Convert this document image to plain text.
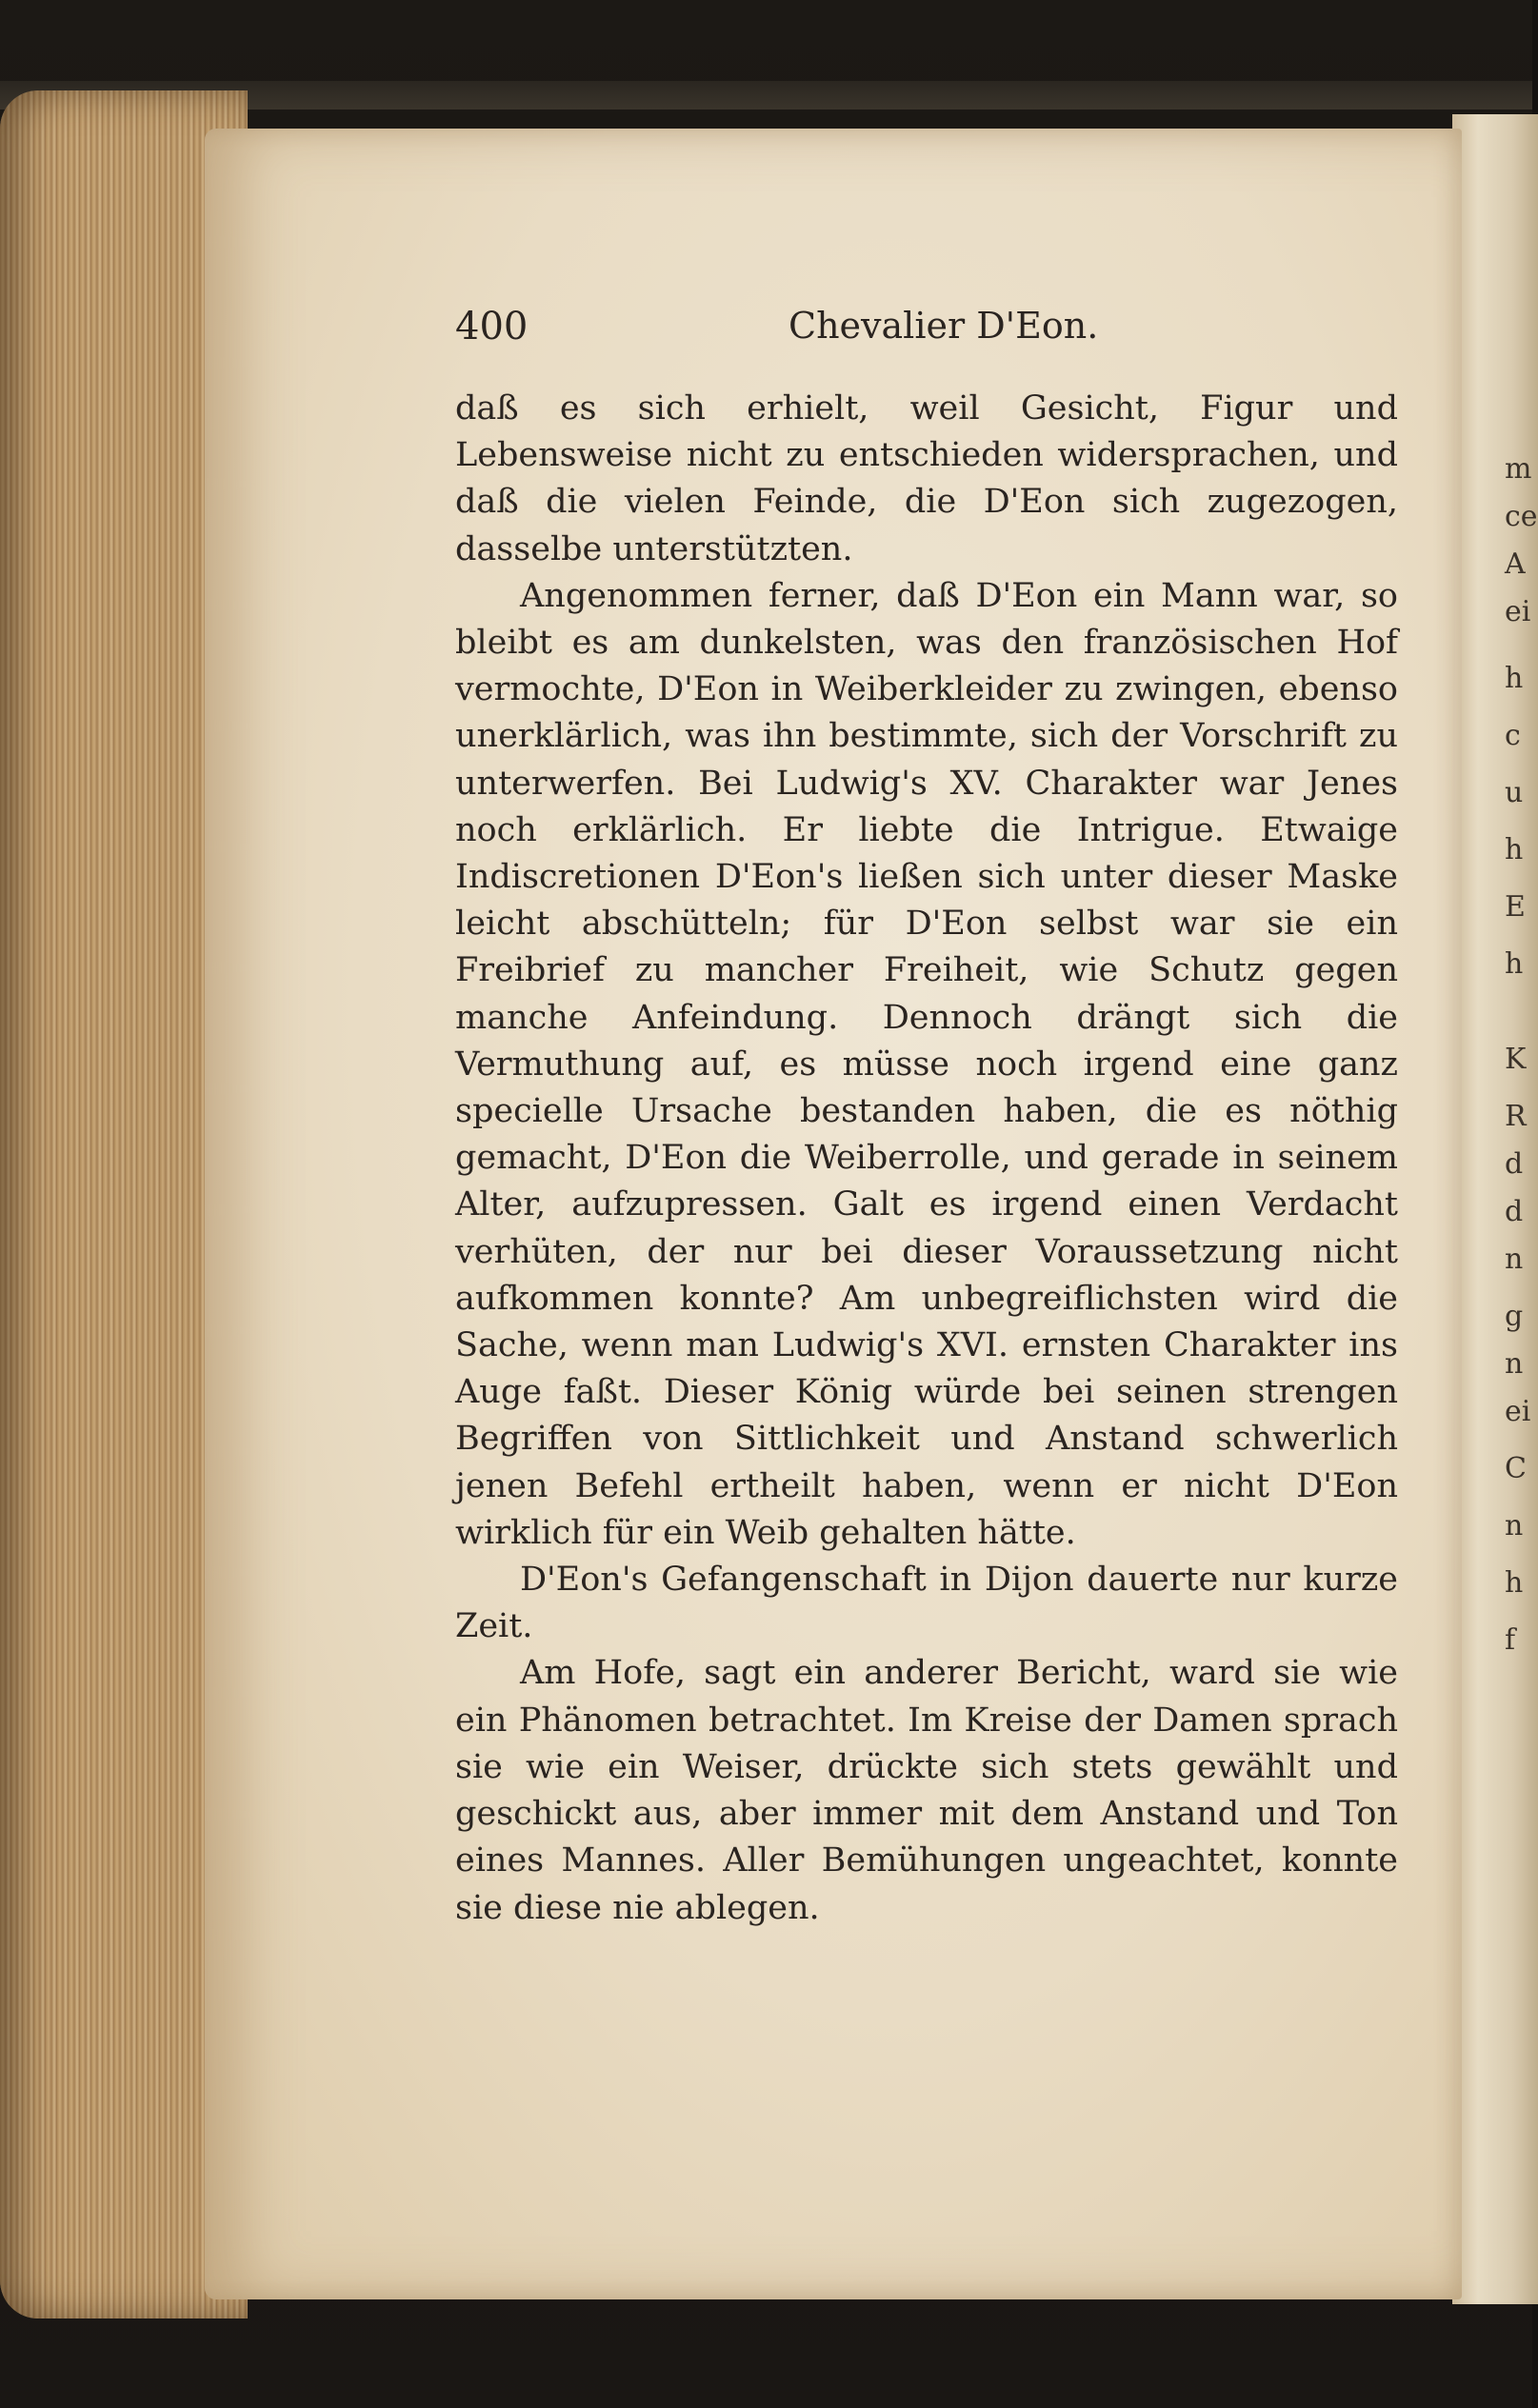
m
ce
A
ei
h
c
u
h
E
h
K
R
d
d
n
g
n
ei
C
n
h
f
400	Chevalier D'Eon.

daß es sich erhielt, weil Gesicht, Figur und Lebensweise nicht zu entschieden widersprachen, und daß die vielen Feinde, die D'Eon sich zugezogen, dasselbe unterstützten.

Angenommen ferner, daß D'Eon ein Mann war, so bleibt es am dunkelsten, was den französischen Hof vermochte, D'Eon in Weiberkleider zu zwingen, ebenso unerklärlich, was ihn bestimmte, sich der Vorschrift zu unterwerfen. Bei Ludwig's XV. Charakter war Jenes noch erklärlich. Er liebte die Intrigue. Etwaige Indiscretionen D'Eon's ließen sich unter dieser Maske leicht abschütteln; für D'Eon selbst war sie ein Freibrief zu mancher Freiheit, wie Schutz gegen manche Anfeindung. Dennoch drängt sich die Vermuthung auf, es müsse noch irgend eine ganz specielle Ursache bestanden haben, die es nöthig gemacht, D'Eon die Weiberrolle, und gerade in seinem Alter, aufzupressen. Galt es irgend einen Verdacht verhüten, der nur bei dieser Voraussetzung nicht aufkommen konnte? Am unbegreiflichsten wird die Sache, wenn man Ludwig's XVI. ernsten Charakter ins Auge faßt. Dieser König würde bei seinen strengen Begriffen von Sittlichkeit und Anstand schwerlich jenen Befehl ertheilt haben, wenn er nicht D'Eon wirklich für ein Weib gehalten hätte.

D'Eon's Gefangenschaft in Dijon dauerte nur kurze Zeit.

Am Hofe, sagt ein anderer Bericht, ward sie wie ein Phänomen betrachtet. Im Kreise der Damen sprach sie wie ein Weiser, drückte sich stets gewählt und geschickt aus, aber immer mit dem Anstand und Ton eines Mannes. Aller Bemühungen ungeachtet, konnte sie diese nie ablegen.
